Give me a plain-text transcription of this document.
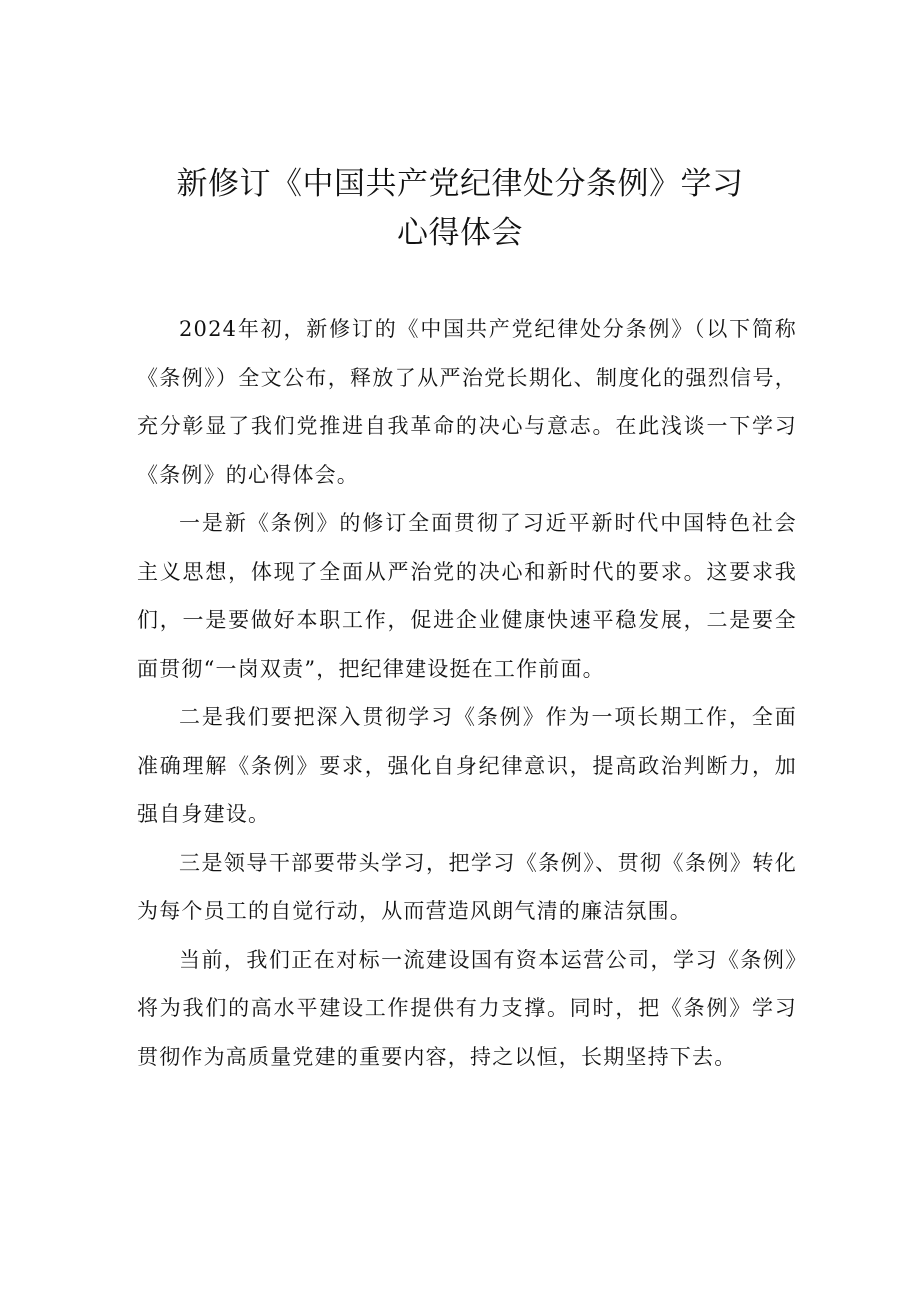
新修订《中国共产党纪律处分条例》学习
心得体会

2024年初，新修订的《中国共产党纪律处分条例》（以下简称《条例》）全文公布，释放了从严治党长期化、制度化的强烈信号，充分彰显了我们党推进自我革命的决心与意志。在此浅谈一下学习《条例》的心得体会。

一是新《条例》的修订全面贯彻了习近平新时代中国特色社会主义思想，体现了全面从严治党的决心和新时代的要求。这要求我们，一是要做好本职工作，促进企业健康快速平稳发展，二是要全面贯彻“一岗双责”，把纪律建设挺在工作前面。

二是我们要把深入贯彻学习《条例》作为一项长期工作，全面准确理解《条例》要求，强化自身纪律意识，提高政治判断力，加强自身建设。

三是领导干部要带头学习，把学习《条例》、贯彻《条例》转化为每个员工的自觉行动，从而营造风朗气清的廉洁氛围。

当前，我们正在对标一流建设国有资本运营公司，学习《条例》将为我们的高水平建设工作提供有力支撑。同时，把《条例》学习贯彻作为高质量党建的重要内容，持之以恒，长期坚持下去。
